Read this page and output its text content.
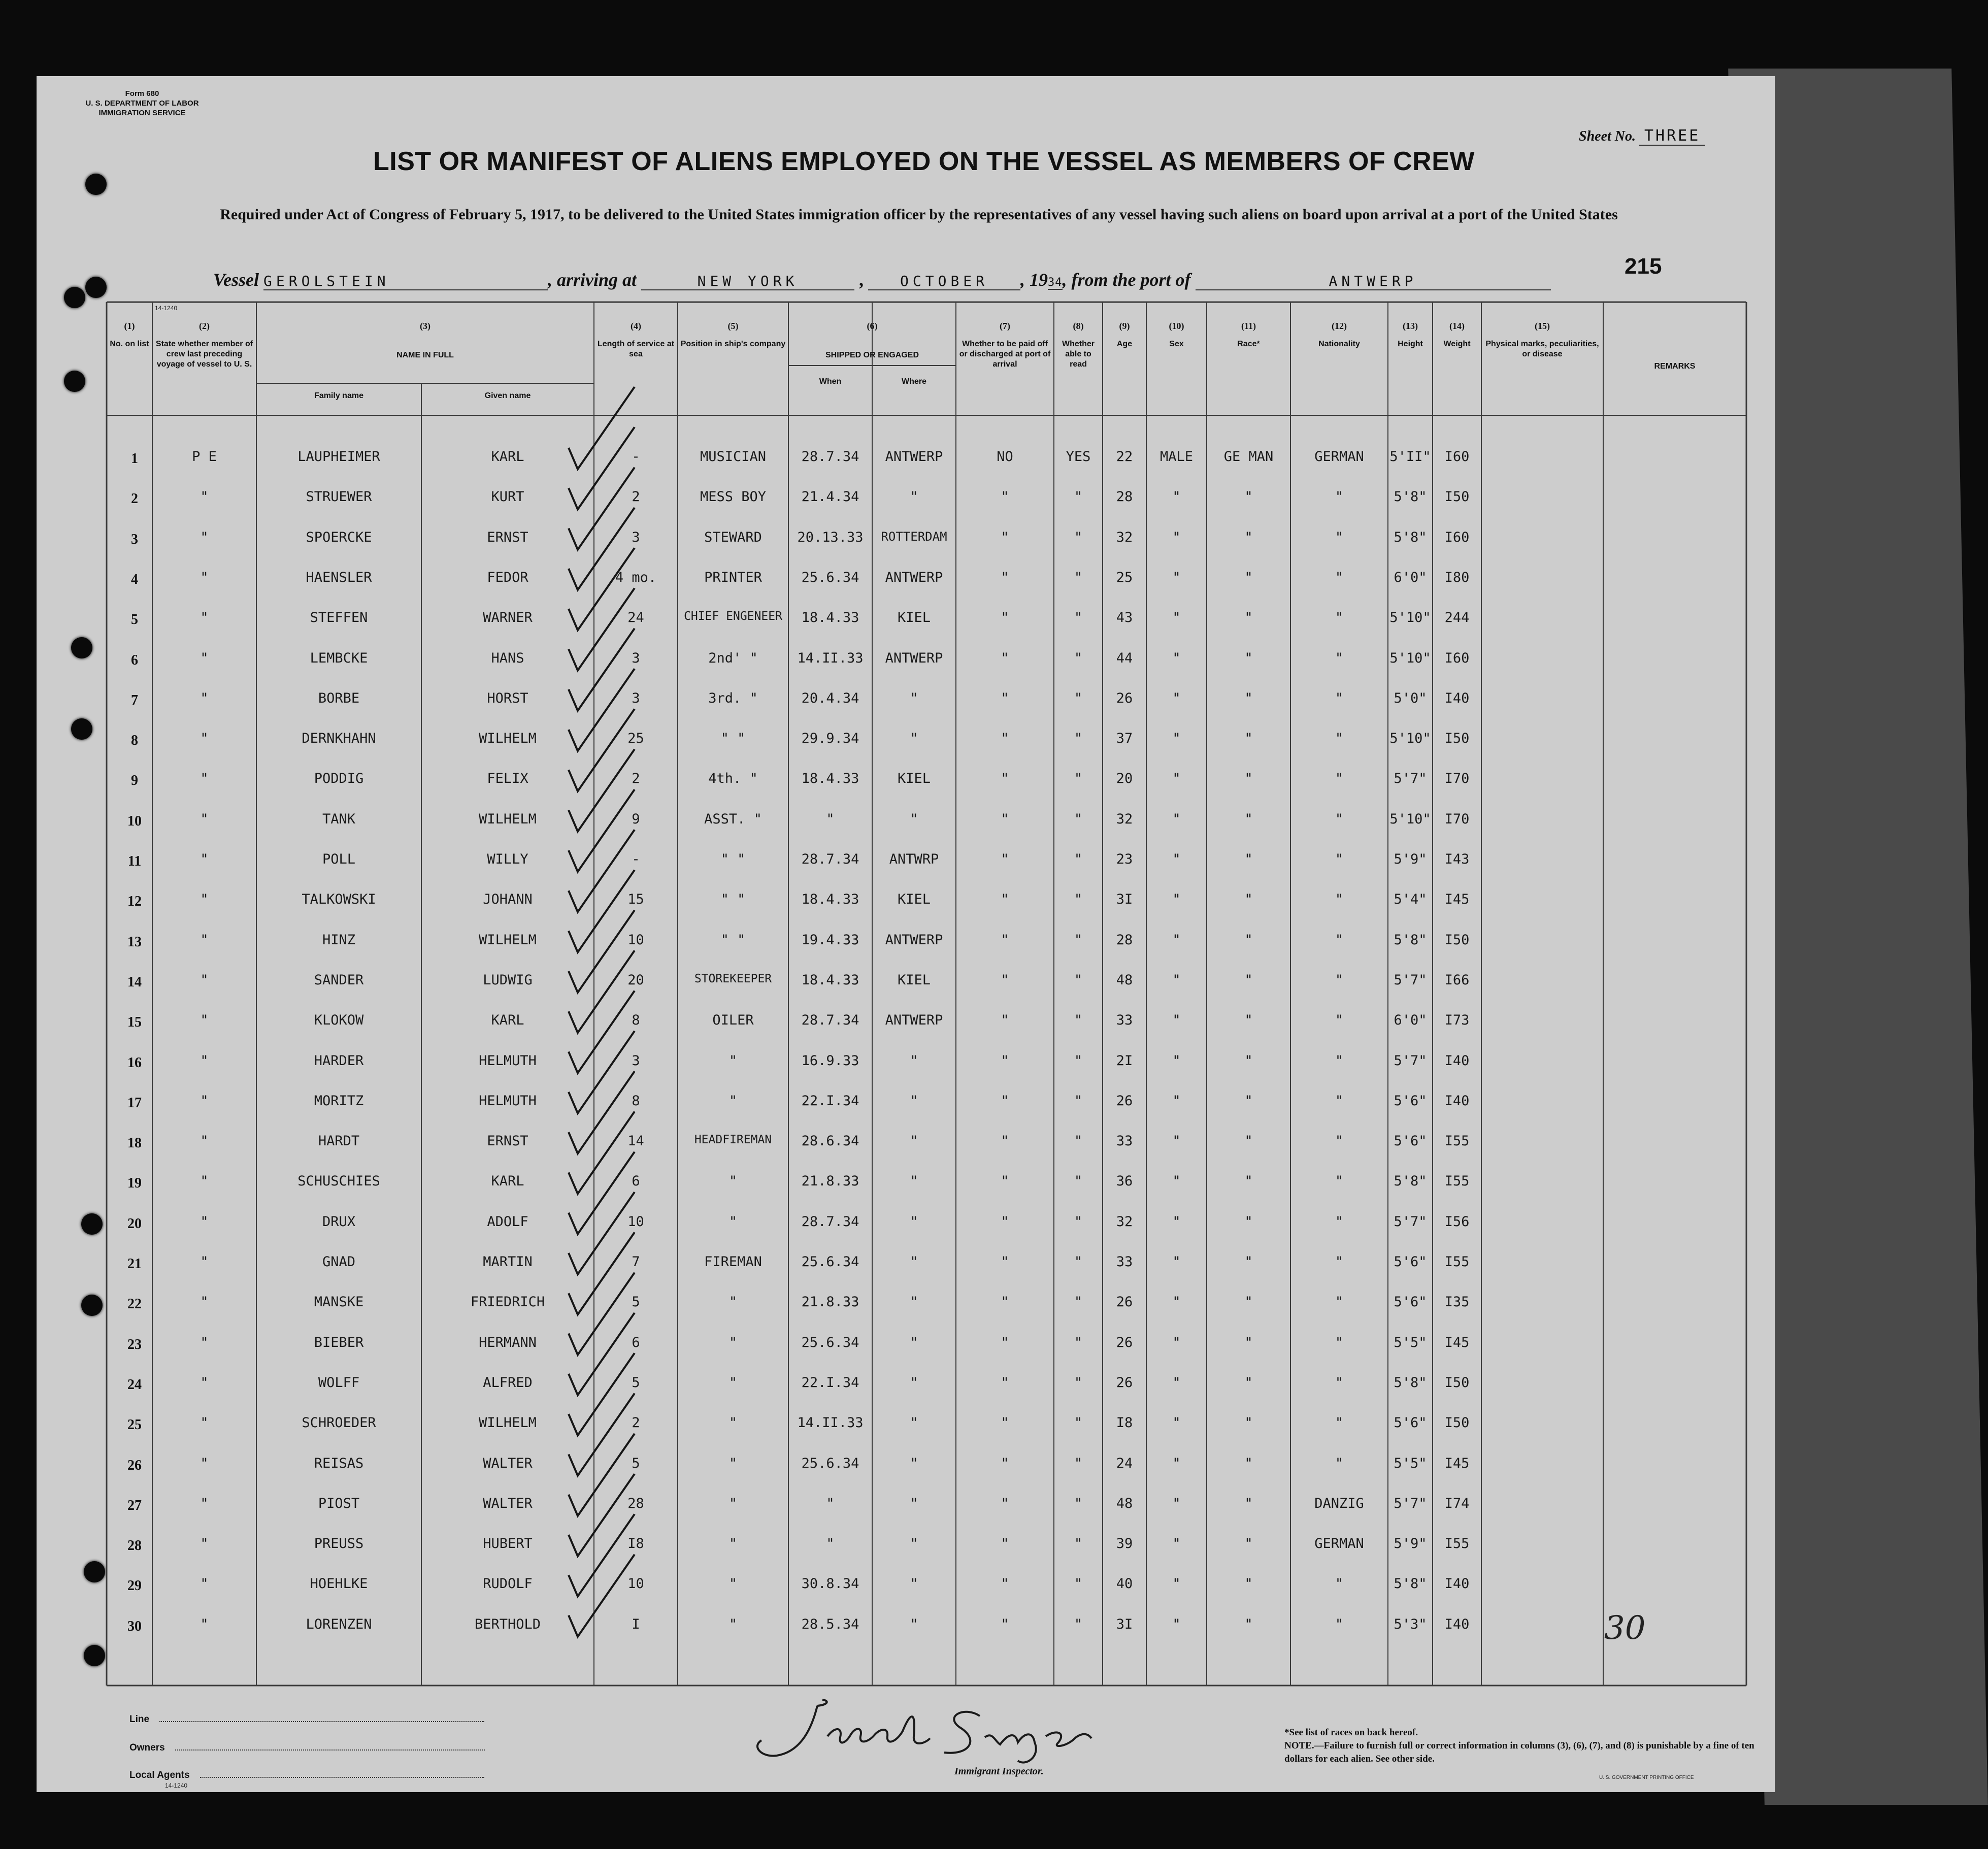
Form 680
U. S. DEPARTMENT OF LABOR
IMMIGRATION SERVICE
Sheet No. THREE
LIST OR MANIFEST OF ALIENS EMPLOYED ON THE VESSEL AS MEMBERS OF CREW
Required under Act of Congress of February 5, 1917, to be delivered to the United States immigration officer by the representatives of any vessel having such aliens on board upon arrival at a port of the United States
215
Vessel GEROLSTEIN	, arriving at	NEW YORK	,	OCTOBER , 1934, from the port of	ANTWERP
14-1240
(1)
No. on list
(2)
State whether member of crew last preceding voyage of vessel to U. S.
(3)
NAME IN FULL
(4)
Length of service at sea
(5)
Position in ship's company
(6)
SHIPPED OR ENGAGED
(7)
Whether to be paid off or discharged at port of arrival
(8)
Whether able to read
(9)
Age
(10)
Sex
(11)
Race*
(12)
Nationality
(13)
Height
(14)
Weight
(15)
Physical marks, peculiarities, or disease
REMARKS
Family name	Given name
When	Where
1	P E	LAUPHEIMER	KARL	-	MUSICIAN	28.7.34	ANTWERP	NO	YES	22	MALE	GE MAN	GERMAN	5'II" I60
2	"	STRUEWER	KURT	2	MESS BOY	21.4.34	"	"	"	28	"	"	"	5'8"	I50
3	"	SPOERCKE	ERNST	3	STEWARD	20.13.33	ROTTERDAM	"	"	32	"	"	"	5'8"	I60
4	"	HAENSLER	FEDOR	4 mo.	PRINTER	25.6.34	ANTWERP	"	"	25	"	"	"	6'0"	I80
5	"	STEFFEN	WARNER	24	CHIEF ENGENEER	18.4.33	KIEL	"	"	43	"	"	"	5'10" 244
6	"	LEMBCKE	HANS	3	2nd' "	14.II.33	ANTWERP	"	"	44	"	"	"	5'10" I60
7	"	BORBE	HORST	3	3rd. "	20.4.34	"	"	"	26	"	"	"	5'0"	I40
8	"	DERNKHAHN	WILHELM	25	" "	29.9.34	"	"	"	37	"	"	"	5'10" I50
9	"	PODDIG	FELIX	2	4th. "	18.4.33	KIEL	"	"	20	"	"	"	5'7"	I70
10	"	TANK	WILHELM	9	ASST. "	"	"	"	"	32	"	"	"	5'10" I70
11	"	POLL	WILLY	-	" "	28.7.34	ANTWRP	"	"	23	"	"	"	5'9"	I43
12	"	TALKOWSKI	JOHANN	15	" "	18.4.33	KIEL	"	"	3I	"	"	"	5'4"	I45
13	"	HINZ	WILHELM	10	" "	19.4.33	ANTWERP	"	"	28	"	"	"	5'8"	I50
14	"	SANDER	LUDWIG	20	STOREKEEPER	18.4.33	KIEL	"	"	48	"	"	"	5'7"	I66
15	"	KLOKOW	KARL	8	OILER	28.7.34	ANTWERP	"	"	33	"	"	"	6'0"	I73
16	"	HARDER	HELMUTH	3	"	16.9.33	"	"	"	2I	"	"	"	5'7"	I40
17	"	MORITZ	HELMUTH	8	"	22.I.34	"	"	"	26	"	"	"	5'6"	I40
18	"	HARDT	ERNST	14	HEADFIREMAN	28.6.34	"	"	"	33	"	"	"	5'6"	I55
19	"	SCHUSCHIES	KARL	6	"	21.8.33	"	"	"	36	"	"	"	5'8"	I55
20	"	DRUX	ADOLF	10	"	28.7.34	"	"	"	32	"	"	"	5'7"	I56
21	"	GNAD	MARTIN	7	FIREMAN	25.6.34	"	"	"	33	"	"	"	5'6"	I55
22	"	MANSKE	FRIEDRICH	5	"	21.8.33	"	"	"	26	"	"	"	5'6"	I35
23	"	BIEBER	HERMANN	6	"	25.6.34	"	"	"	26	"	"	"	5'5"	I45
24	"	WOLFF	ALFRED	5	"	22.I.34	"	"	"	26	"	"	"	5'8"	I50
25	"	SCHROEDER	WILHELM	2	"	14.II.33	"	"	"	I8	"	"	"	5'6"	I50
26	"	REISAS	WALTER	5	"	25.6.34	"	"	"	24	"	"	"	5'5"	I45
27	"	PIOST	WALTER	28	"	"	"	"	"	48	"	"	DANZIG	5'7"	I74
28	"	PREUSS	HUBERT	I8	"	"	"	"	"	39	"	"	GERMAN	5'9"	I55
29	"	HOEHLKE	RUDOLF	10	"	30.8.34	"	"	"	40	"	"	"	5'8"	I40
30	"	LORENZEN	BERTHOLD	I	"	28.5.34	"	"	"	3I	"	"	"	5'3"	I40	30
Line
Owners
Local Agents
14-1240
Immigrant Inspector.
*See list of races on back hereof.
NOTE.—Failure to furnish full or correct information in columns (3), (6), (7), and (8) is punishable by a fine of ten dollars for each alien. See other side.
U. S. GOVERNMENT PRINTING OFFICE
